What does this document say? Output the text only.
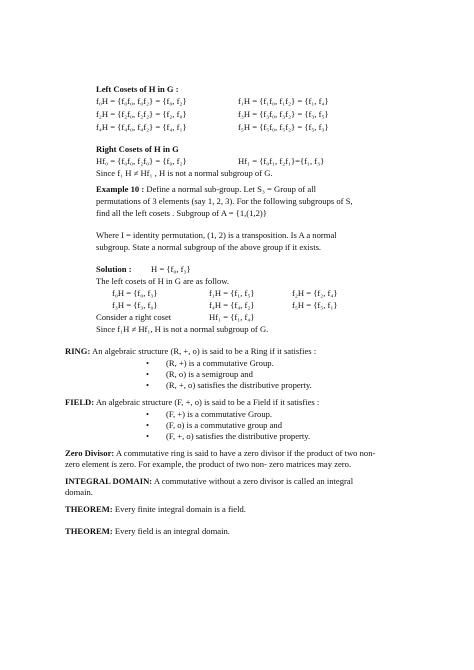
Left Cosets of H in G :
f₀H = {f₀f₀, f₀f₂} = {f₀, f₂}	f₁H = {f₁f₀, f₁f₂} = {f₁, f₄}
f₂H = {f₂f₀, f₂f₂} = {f₂, f₀}	f₃H = {f₃f₀, f₃f₂} = {f₃, f₅}
f₄H = {f₄f₀, f₄f₂} = {f₄, f₁}	f₅H = {f₅f₀, f₅f₂} = {f₅, f₃}
Right Cosets of H in G
Hf₀ = {f₀f₀, f₂f₀} = {f₀, f₂}	Hf₁ = {f₀f₁, f₂f₁}={f₁, f₃}
Since f₁ H ≠ Hf₁ , H is not a normal subgroup of G.
Example 10 : Define a normal sub-group. Let S₃ = Group of all
permutations of 3 elements (say 1, 2, 3). For the following subgroups of S,
find all the left cosets . Subgroup of A = {1,(1,2)}
Where I = identity permutation, (1, 2) is a transposition. Is A a normal
subgroup. State a normal subgroup of the above group if it exists.
Solution : H = {f₀, f₃}
The left cosets of H in G are as follow.
f₀H = {f₀, f₃}	f₁H = {f₁, f₅}	f₂H = {f₂, f₄}
f₃H = {f₃, f₀}	f₄H = {f₄, f₂}	f₅H = {f₅, f₁}
Consider a right coset	Hf₁ = {f₁, f₄}
Since f₁H ≠ Hf₁, H is not a normal subgroup of G.
RING: An algebraic structure (R, +, o) is said to be a Ring if it satisfies :
• (R, +) is a commutative Group.
• (R, o) is a semigroup and
• (R, +, o) satisfies the distributive property.
FIELD: An algebraic structure (F, +, o) is said to be a Field if it satisfies :
• (F, +) is a commutative Group.
• (F, o) is a commutative group and
• (F, +, o) satisfies the distributive property.
Zero Divisor: A commutative ring is said to have a zero divisor if the product of two non-
zero element is zero. For example, the product of two non- zero matrices may zero.
INTEGRAL DOMAIN: A commutative without a zero divisor is called an integral
domain.
THEOREM: Every finite integral domain is a field.
THEOREM: Every field is an integral domain.
